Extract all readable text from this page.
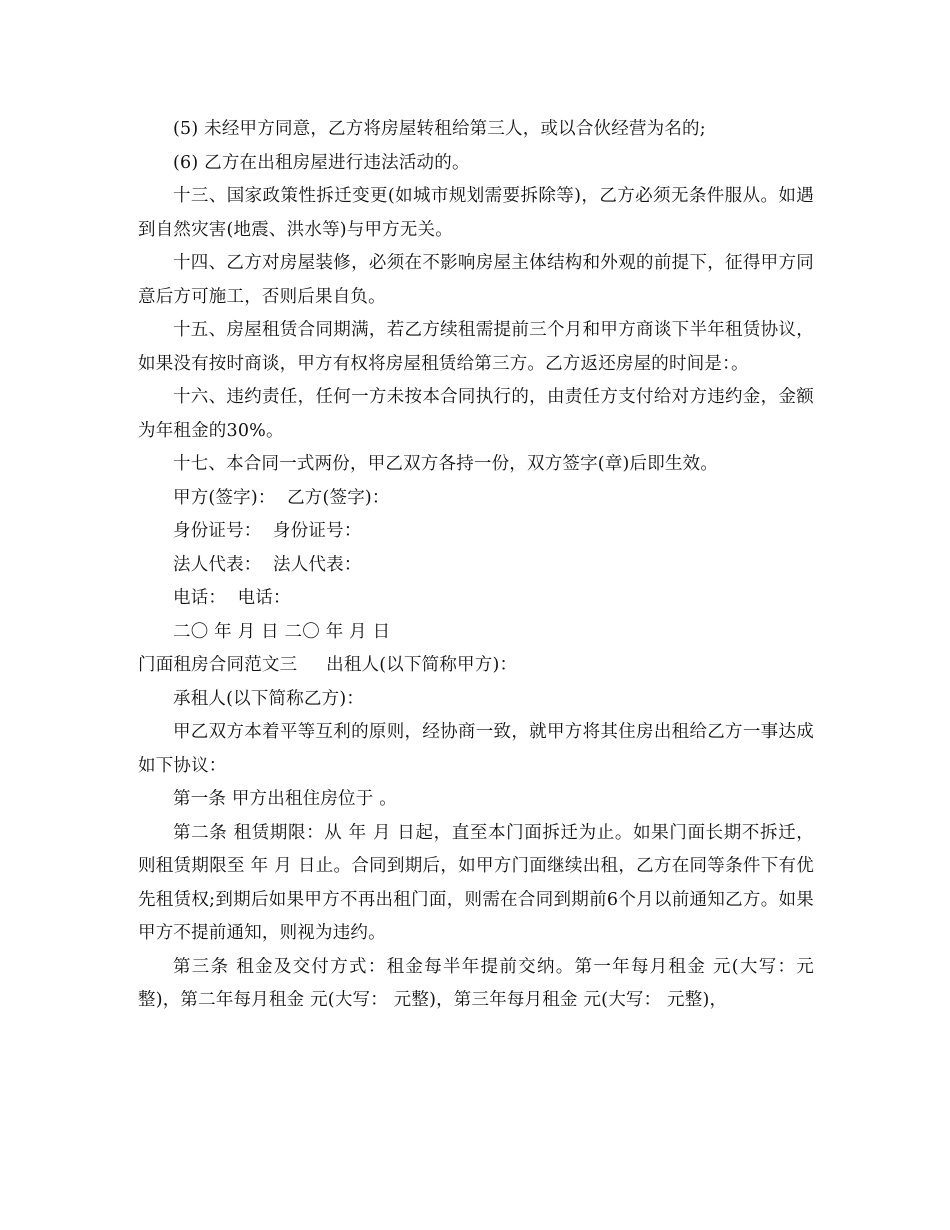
(5) 未经甲方同意，乙方将房屋转租给第三人，或以合伙经营为名的;

(6) 乙方在出租房屋进行违法活动的。

十三、国家政策性拆迁变更(如城市规划需要拆除等)，乙方必须无条件服从。如遇到自然灾害(地震、洪水等)与甲方无关。

十四、乙方对房屋装修，必须在不影响房屋主体结构和外观的前提下，征得甲方同意后方可施工，否则后果自负。

十五、房屋租赁合同期满，若乙方续租需提前三个月和甲方商谈下半年租赁协议，如果没有按时商谈，甲方有权将房屋租赁给第三方。乙方返还房屋的时间是：。

十六、违约责任，任何一方未按本合同执行的，由责任方支付给对方违约金，金额为年租金的30%。

十七、本合同一式两份，甲乙双方各持一份，双方签字(章)后即生效。

甲方(签字)：  乙方(签字)：

身份证号：  身份证号：

法人代表：  法人代表：

电话：  电话：

二〇 年 月 日 二〇 年 月 日

门面租房合同范文三     出租人(以下简称甲方)：

承租人(以下简称乙方)：

甲乙双方本着平等互利的原则，经协商一致，就甲方将其住房出租给乙方一事达成如下协议：

第一条 甲方出租住房位于 。

第二条 租赁期限：从 年 月 日起，直至本门面拆迁为止。如果门面长期不拆迁，则租赁期限至 年 月 日止。合同到期后，如甲方门面继续出租，乙方在同等条件下有优先租赁权;到期后如果甲方不再出租门面，则需在合同到期前6个月以前通知乙方。如果甲方不提前通知，则视为违约。

第三条 租金及交付方式：租金每半年提前交纳。第一年每月租金 元(大写：元整)，第二年每月租金 元(大写： 元整)，第三年每月租金 元(大写： 元整)，
